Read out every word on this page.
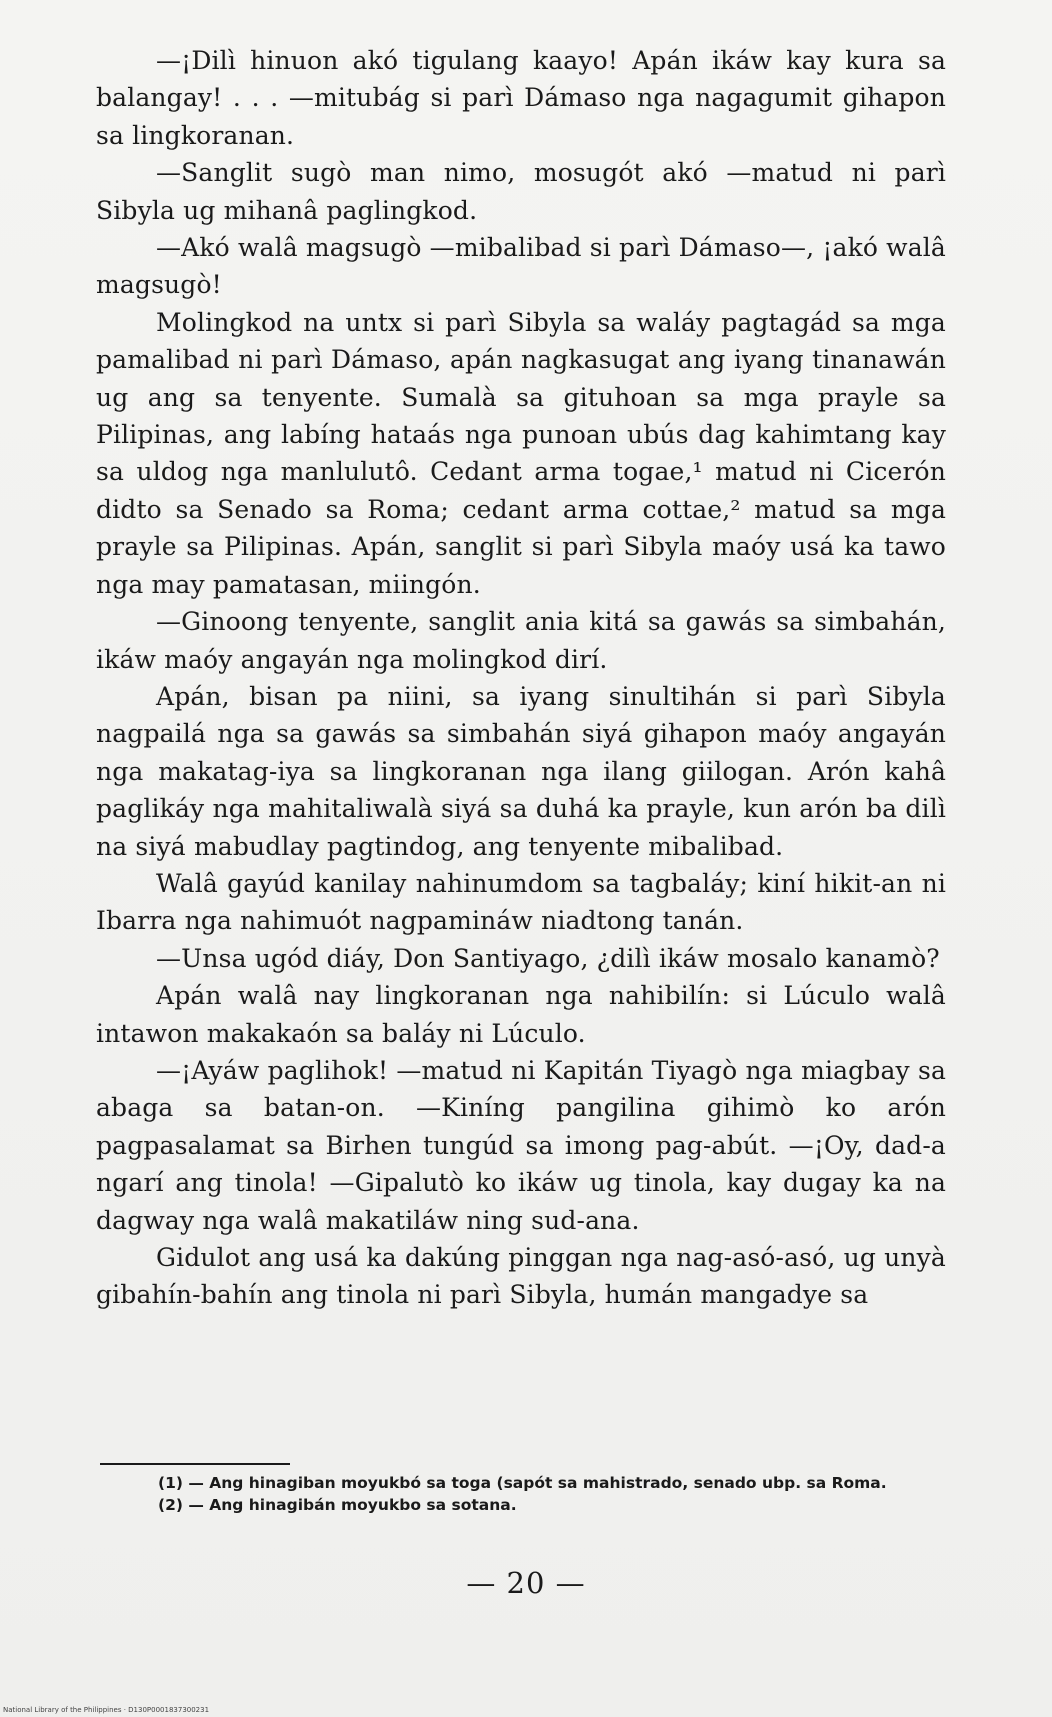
—¡Dilì hinuon akó tigulang kaayo! Apán ikáw kay kura sa balangay! . . . —mitubág si parì Dámaso nga nagagumit gihapon sa lingkoranan.

—Sanglit sugò man nimo, mosugót akó —matud ni parì Sibyla ug mihanâ paglingkod.

—Akó walâ magsugò —mibalibad si parì Dámaso—, ¡akó walâ magsugò!

Molingkod na untx si parì Sibyla sa waláy pagtagád sa mga pamalibad ni parì Dámaso, apán nagkasugat ang iyang tinanawán ug ang sa tenyente. Sumalà sa gituhoan sa mga prayle sa Pilipinas, ang labíng hataás nga punoan ubús dag kahimtang kay sa uldog nga manlulutô. Cedant arma togae,¹ matud ni Cicerón didto sa Senado sa Roma; cedant arma cottae,² matud sa mga prayle sa Pilipinas. Apán, sanglit si parì Sibyla maóy usá ka tawo nga may pamatasan, miingón.

—Ginoong tenyente, sanglit ania kitá sa gawás sa simbahán, ikáw maóy angayán nga molingkod dirí.

Apán, bisan pa niini, sa iyang sinultihán si parì Sibyla nagpailá nga sa gawás sa simbahán siyá gihapon maóy angayán nga makatag-iya sa lingkoranan nga ilang giilogan. Arón kahâ paglikáy nga mahitaliwalà siyá sa duhá ka prayle, kun arón ba dilì na siyá mabudlay pagtindog, ang tenyente mibalibad.

Walâ gayúd kanilay nahinumdom sa tagbaláy; kiní hikit-an ni Ibarra nga nahimuót nagpamináw niadtong tanán.

—Unsa ugód diáy, Don Santiyago, ¿dilì ikáw mosalo kanamò?

Apán walâ nay lingkoranan nga nahibilín: si Lúculo walâ intawon makakaón sa baláy ni Lúculo.

—¡Ayáw paglihok! —matud ni Kapitán Tiyagò nga miagbay sa abaga sa batan-on. —Kiníng pangilina gihimò ko arón pagpasalamat sa Birhen tungúd sa imong pag-abút. —¡Oy, dad-a ngarí ang tinola! —Gipalutò ko ikáw ug tinola, kay dugay ka na dagway nga walâ makatiláw ning sud-ana.

Gidulot ang usá ka dakúng pinggan nga nag-asó-asó, ug unyà gibahín-bahín ang tinola ni parì Sibyla, humán mangadye sa

(1) — Ang hinagiban moyukbó sa toga (sapót sa mahistrado, senado ubp. sa Roma.

(2) — Ang hinagibán moyukbo sa sotana.

— 20 —
National Library of the Philippines · D130P0001837300231
